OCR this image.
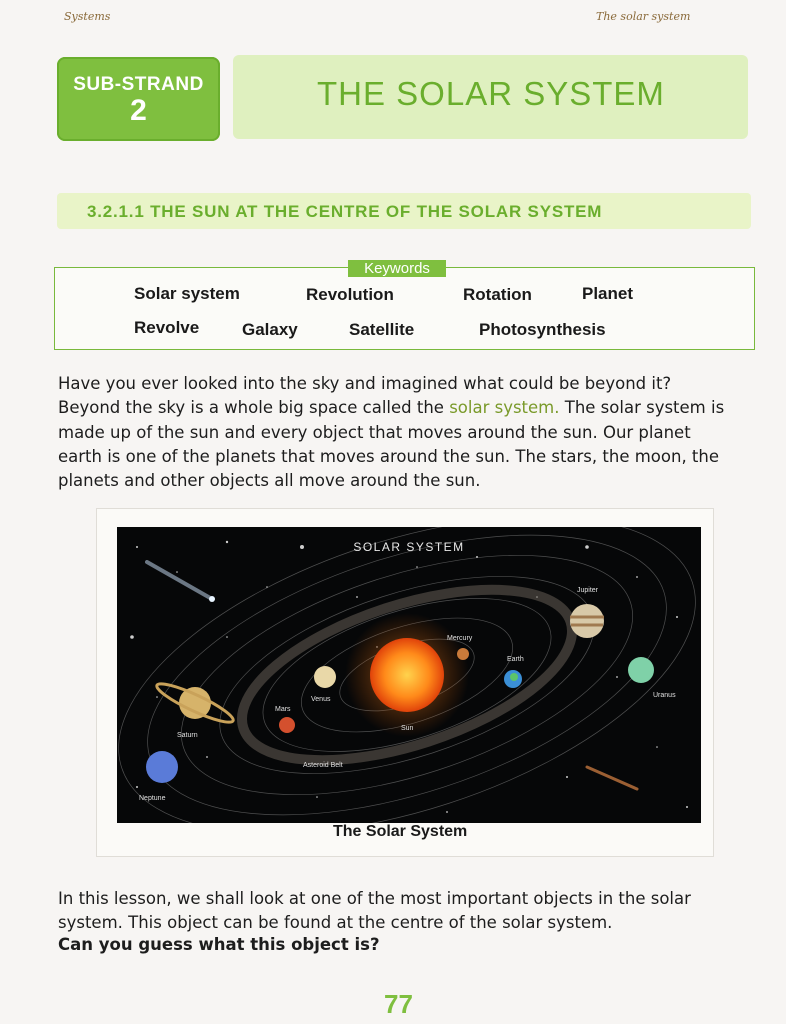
Systems	The solar system
SUB-STRAND
2	THE SOLAR SYSTEM
3.2.1.1 THE SUN AT THE CENTRE OF THE SOLAR SYSTEM
Keywords
Solar system	Revolution	Rotation	Planet
Revolve	Galaxy	Satellite	Photosynthesis
Have you ever looked into the sky and imagined what could be beyond it?
Beyond the sky is a whole big space called the solar system. The solar system is
made up of the sun and every object that moves around the sun. Our planet
earth is one of the planets that moves around the sun. The stars, the moon, the
planets and other objects all move around the sun.
SOLAR SYSTEM
Jupiter
Mercury
Earth
Uranus
Venus
Mars
Saturn
Sun
Asteroid Belt
Neptune
The Solar System
In this lesson, we shall look at one of the most important objects in the solar
system. This object can be found at the centre of the solar system.
Can you guess what this object is?
77
